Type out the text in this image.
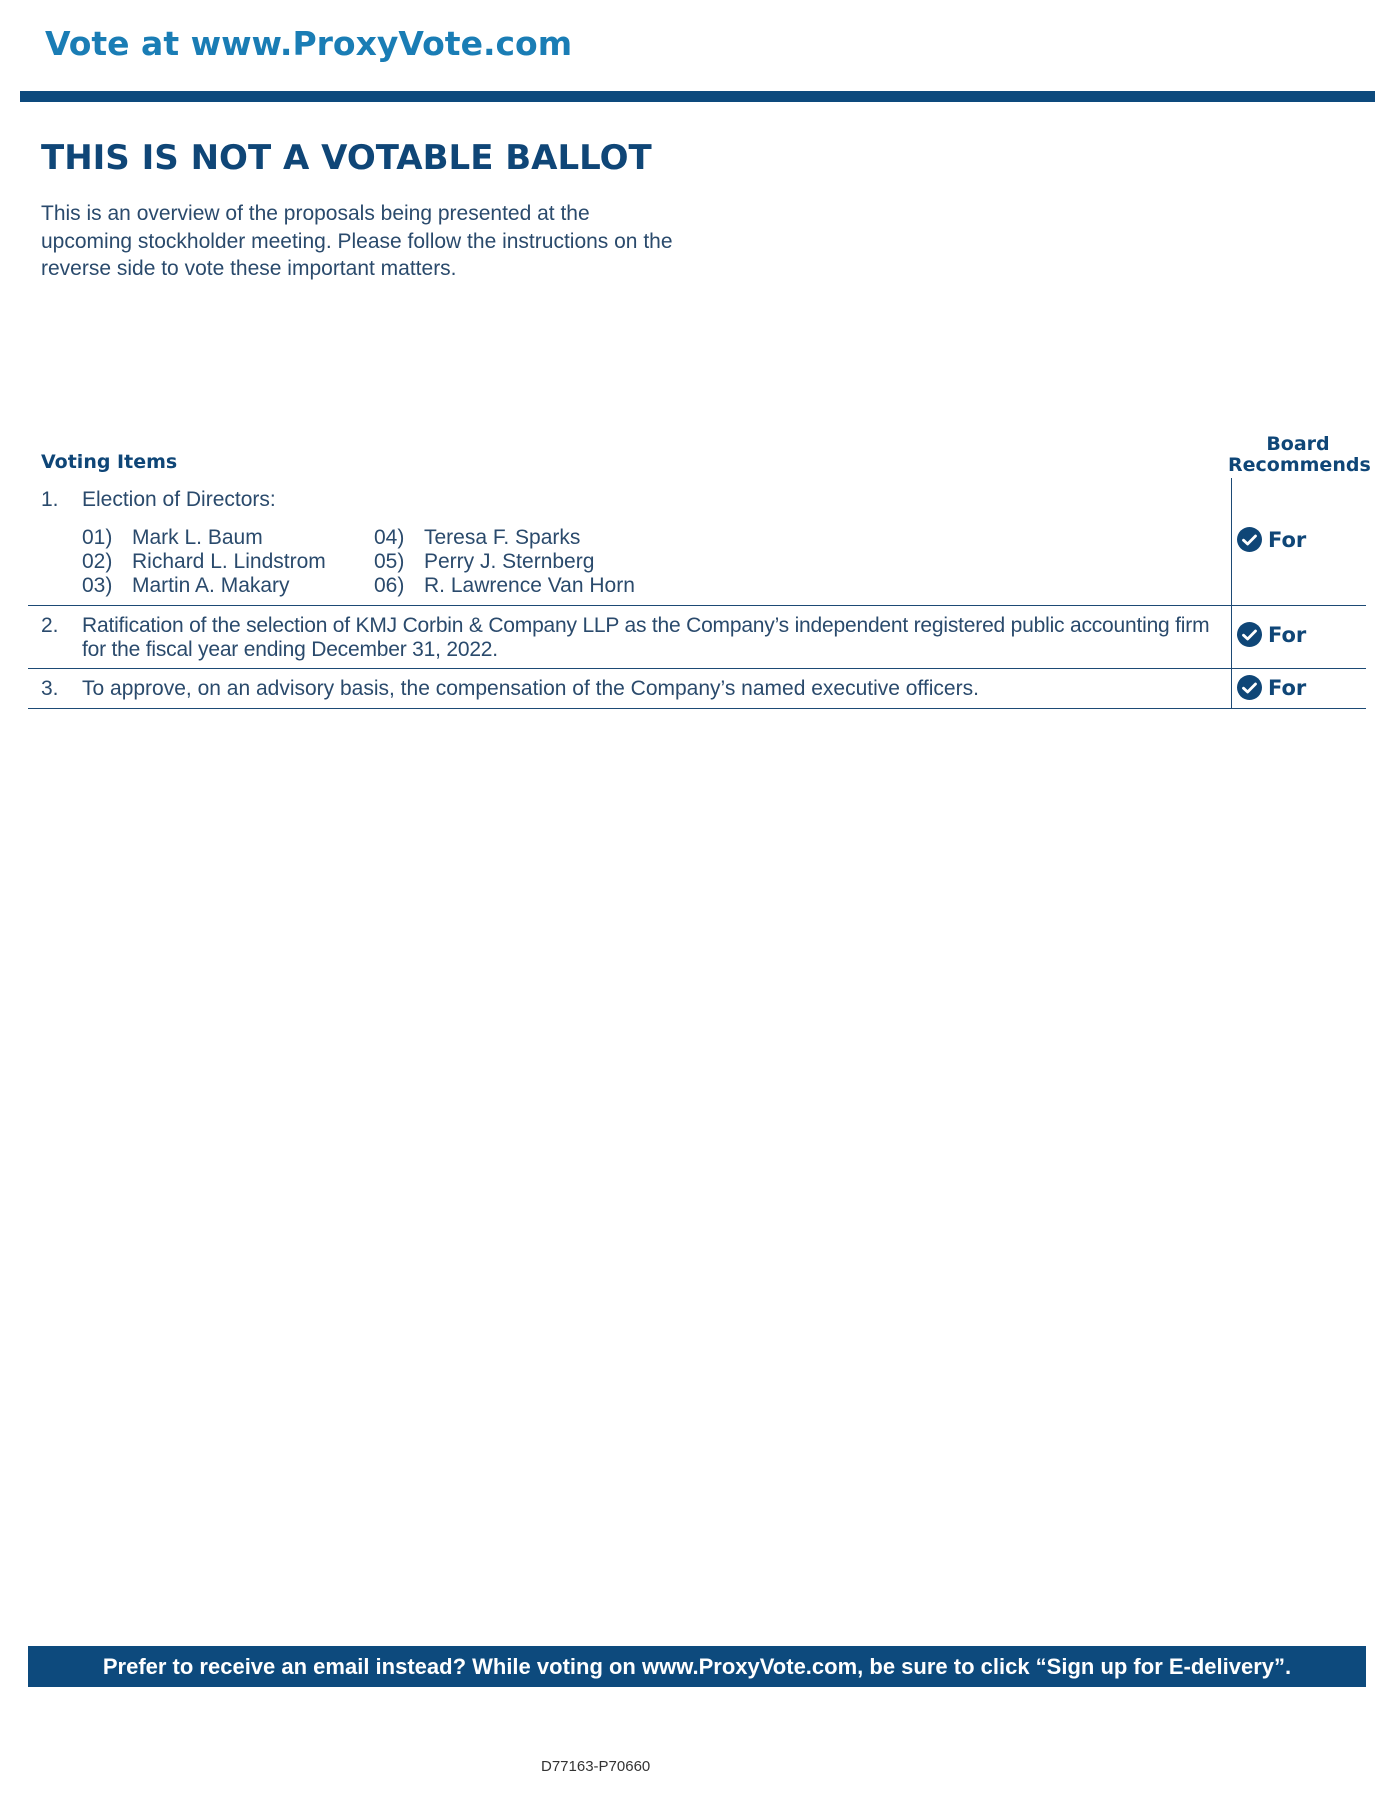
Vote at www.ProxyVote.com
THIS IS NOT A VOTABLE BALLOT

This is an overview of the proposals being presented at the upcoming stockholder meeting. Please follow the instructions on the reverse side to vote these important matters.

Voting Items
Board
Recommends
1. Election of Directors:
01) Mark L. Baum
02) Richard L. Lindstrom
03) Martin A. Makary
04) Teresa F. Sparks
05) Perry J. Sternberg
06) R. Lawrence Van Horn
For
2. Ratification of the selection of KMJ Corbin & Company LLP as the Company’s independent registered public accounting firm for the fiscal year ending December 31, 2022.
For
3. To approve, on an advisory basis, the compensation of the Company’s named executive officers.	For
Prefer to receive an email instead? While voting on www.ProxyVote.com, be sure to click “Sign up for E-delivery”.
D77163-P70660
